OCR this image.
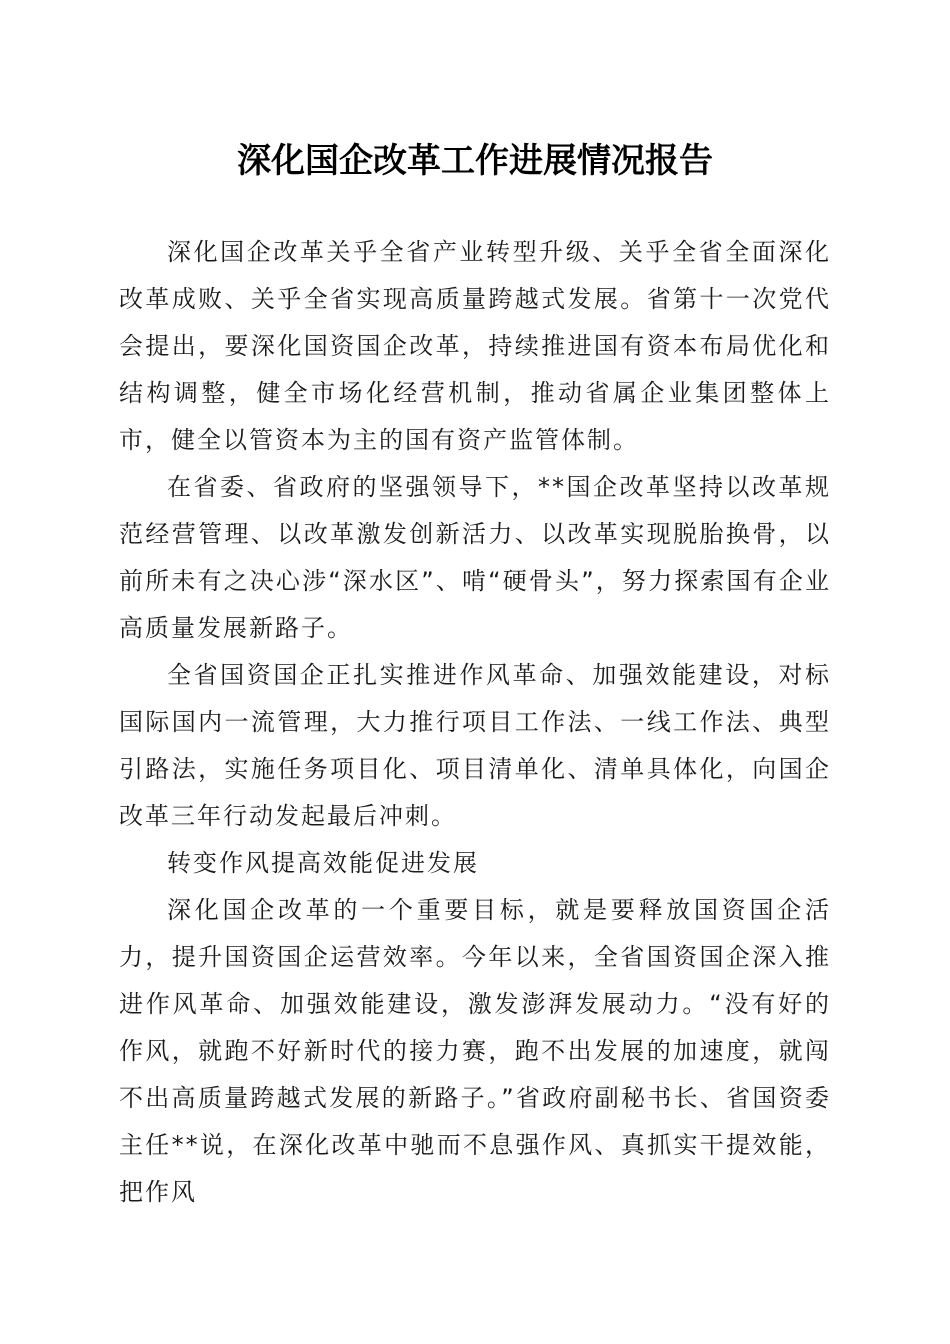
深化国企改革工作进展情况报告

深化国企改革关乎全省产业转型升级、关乎全省全面深化改革成败、关乎全省实现高质量跨越式发展。省第十一次党代会提出，要深化国资国企改革，持续推进国有资本布局优化和结构调整，健全市场化经营机制，推动省属企业集团整体上市，健全以管资本为主的国有资产监管体制。

在省委、省政府的坚强领导下，**国企改革坚持以改革规范经营管理、以改革激发创新活力、以改革实现脱胎换骨，以前所未有之决心涉“深水区”、啃“硬骨头”，努力探索国有企业高质量发展新路子。

全省国资国企正扎实推进作风革命、加强效能建设，对标国际国内一流管理，大力推行项目工作法、一线工作法、典型引路法，实施任务项目化、项目清单化、清单具体化，向国企改革三年行动发起最后冲刺。

转变作风提高效能促进发展

深化国企改革的一个重要目标，就是要释放国资国企活力，提升国资国企运营效率。今年以来，全省国资国企深入推进作风革命、加强效能建设，激发澎湃发展动力。“没有好的作风，就跑不好新时代的接力赛，跑不出发展的加速度，就闯不出高质量跨越式发展的新路子。”省政府副秘书长、省国资委主任**说，在深化改革中驰而不息强作风、真抓实干提效能，把作风
